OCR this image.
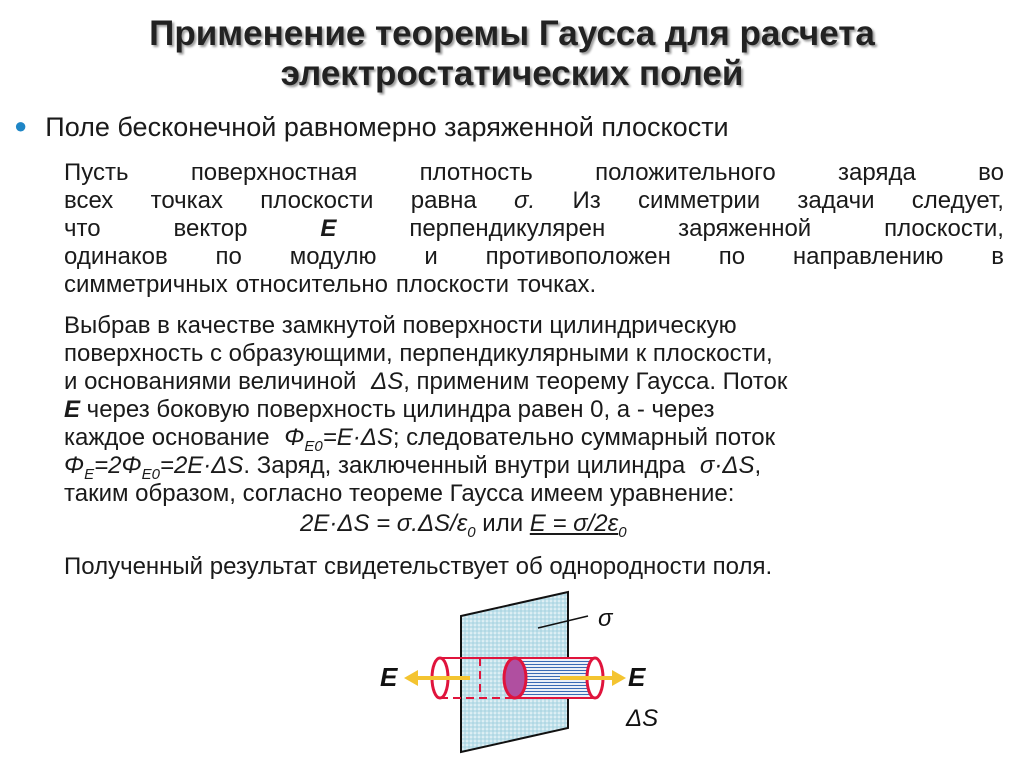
Применение теоремы Гаусса для расчета
электростатических полей
● Поле бесконечной равномерно заряженной плоскости
Пусть	поверхностная	плотность	положительного	заряда	во
всех точках плоскости равна σ. Из симметрии задачи следует,
что	вектор	E	перпендикулярен	заряженной	плоскости,
одинаков по модулю и противоположен по направлению в
симметричных относительно плоскости точках.
Выбрав в качестве замкнутой поверхности цилиндрическую
поверхность с образующими, перпендикулярными к плоскости,
и основаниями величиной ΔS, применим теорему Гаусса. Поток
E через боковую поверхность цилиндра равен 0, а - через
каждое основание $\Phi_{E0}=E\cdot\Delta S$; следовательно суммарный поток
$\Phi_E=2\Phi_{E0}=2E\cdot\Delta S$. Заряд, заключенный внутри цилиндра σ·ΔS,
таким образом, согласно теореме Гаусса имеем уравнение:
$2E\cdot\Delta S = \sigma.\Delta S/\varepsilon_0$ или $E = \sigma/2\varepsilon_0$
Полученный результат свидетельствует об однородности поля.
σ
E	E
ΔS
